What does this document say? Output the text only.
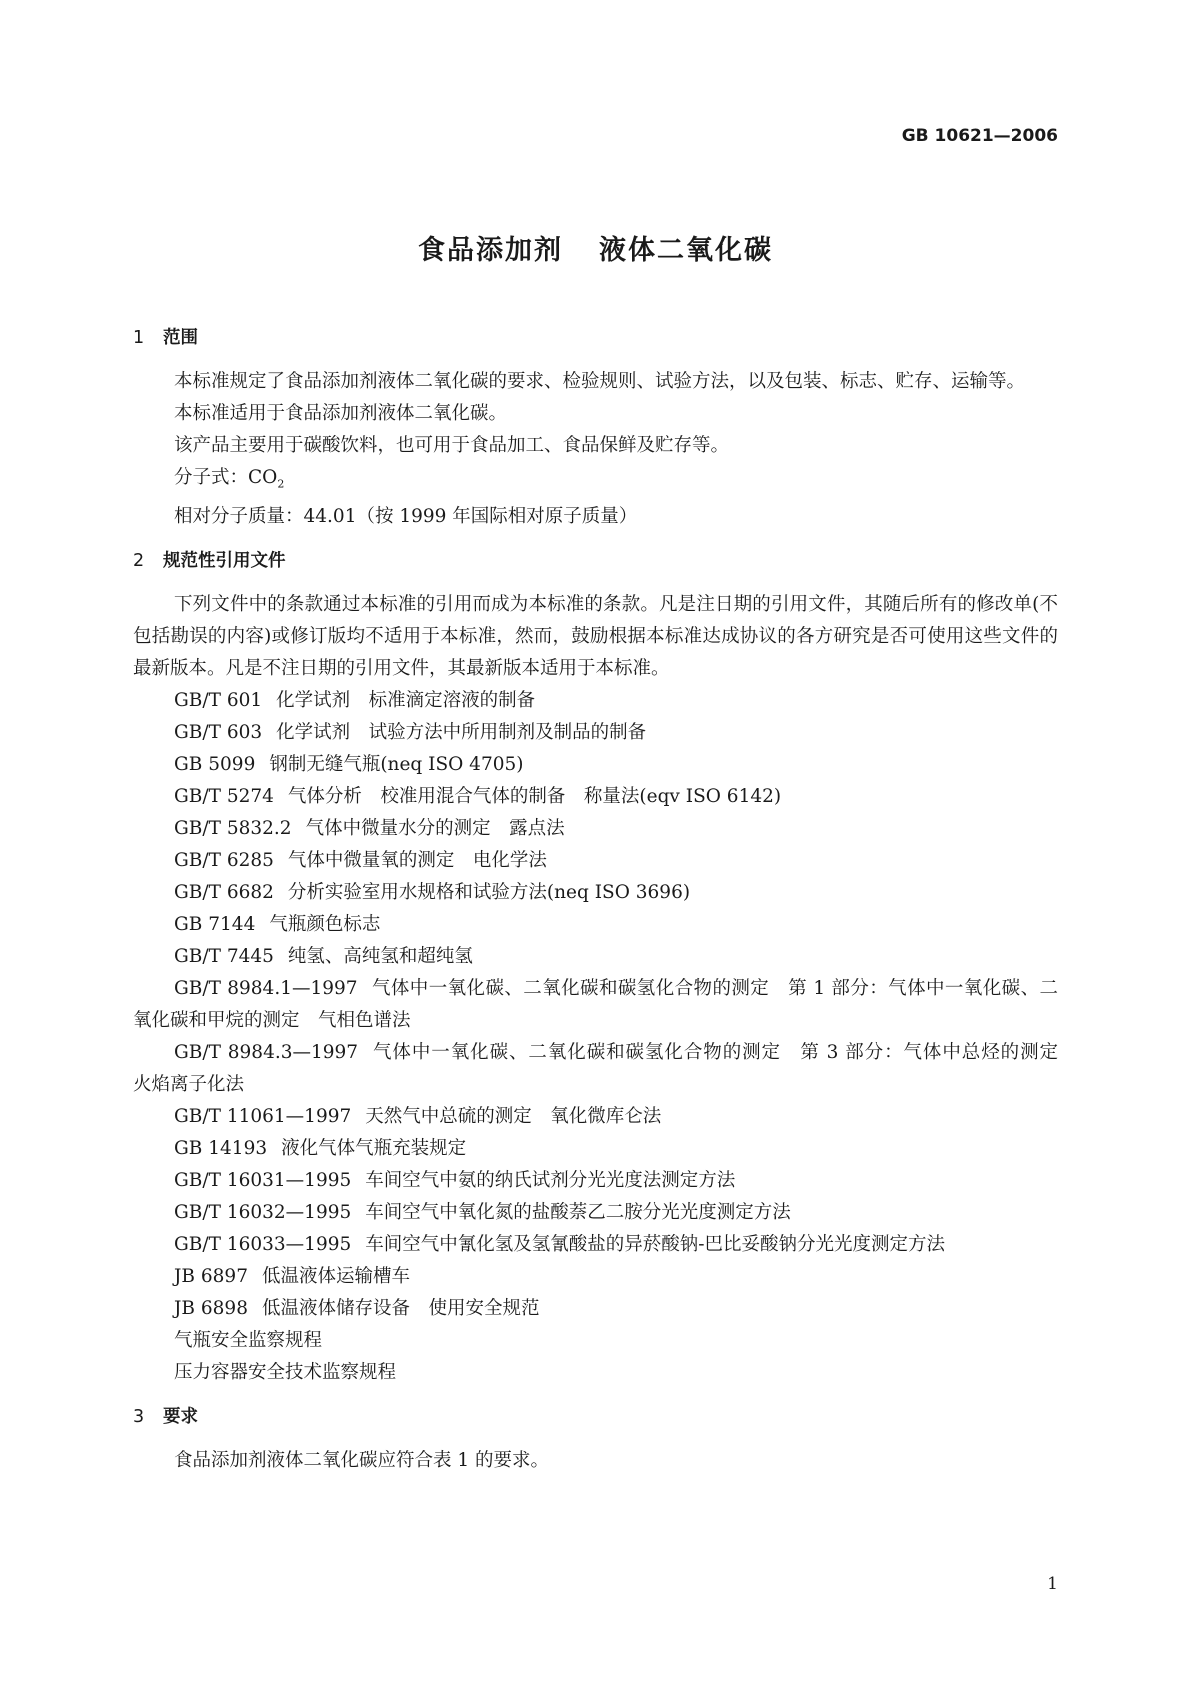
GB 10621—2006
食品添加剂 液体二氧化碳

1 范围

本标准规定了食品添加剂液体二氧化碳的要求、检验规则、试验方法，以及包装、标志、贮存、运输等。

本标准适用于食品添加剂液体二氧化碳。

该产品主要用于碳酸饮料，也可用于食品加工、食品保鲜及贮存等。

分子式：$CO_2$

相对分子质量：44.01（按 1999 年国际相对原子质量）

2 规范性引用文件

下列文件中的条款通过本标准的引用而成为本标准的条款。凡是注日期的引用文件，其随后所有的修改单(不包括勘误的内容)或修订版均不适用于本标准，然而，鼓励根据本标准达成协议的各方研究是否可使用这些文件的最新版本。凡是不注日期的引用文件，其最新版本适用于本标准。

GB/T 601 化学试剂　标准滴定溶液的制备

GB/T 603 化学试剂　试验方法中所用制剂及制品的制备

GB 5099 钢制无缝气瓶(neq ISO 4705)

GB/T 5274 气体分析　校准用混合气体的制备　称量法(eqv ISO 6142)

GB/T 5832.2 气体中微量水分的测定　露点法

GB/T 6285 气体中微量氧的测定　电化学法

GB/T 6682 分析实验室用水规格和试验方法(neq ISO 3696)

GB 7144 气瓶颜色标志

GB/T 7445 纯氢、高纯氢和超纯氢

GB/T 8984.1—1997 气体中一氧化碳、二氧化碳和碳氢化合物的测定　第 1 部分：气体中一氧化碳、二氧化碳和甲烷的测定　气相色谱法

GB/T 8984.3—1997 气体中一氧化碳、二氧化碳和碳氢化合物的测定　第 3 部分：气体中总烃的测定　火焰离子化法

GB/T 11061—1997 天然气中总硫的测定　氧化微库仑法

GB 14193 液化气体气瓶充装规定

GB/T 16031—1995 车间空气中氨的纳氏试剂分光光度法测定方法

GB/T 16032—1995 车间空气中氧化氮的盐酸萘乙二胺分光光度测定方法

GB/T 16033—1995 车间空气中氰化氢及氢氰酸盐的异菸酸钠-巴比妥酸钠分光光度测定方法

JB 6897 低温液体运输槽车

JB 6898 低温液体储存设备　使用安全规范

气瓶安全监察规程

压力容器安全技术监察规程

3 要求

食品添加剂液体二氧化碳应符合表 1 的要求。

1
